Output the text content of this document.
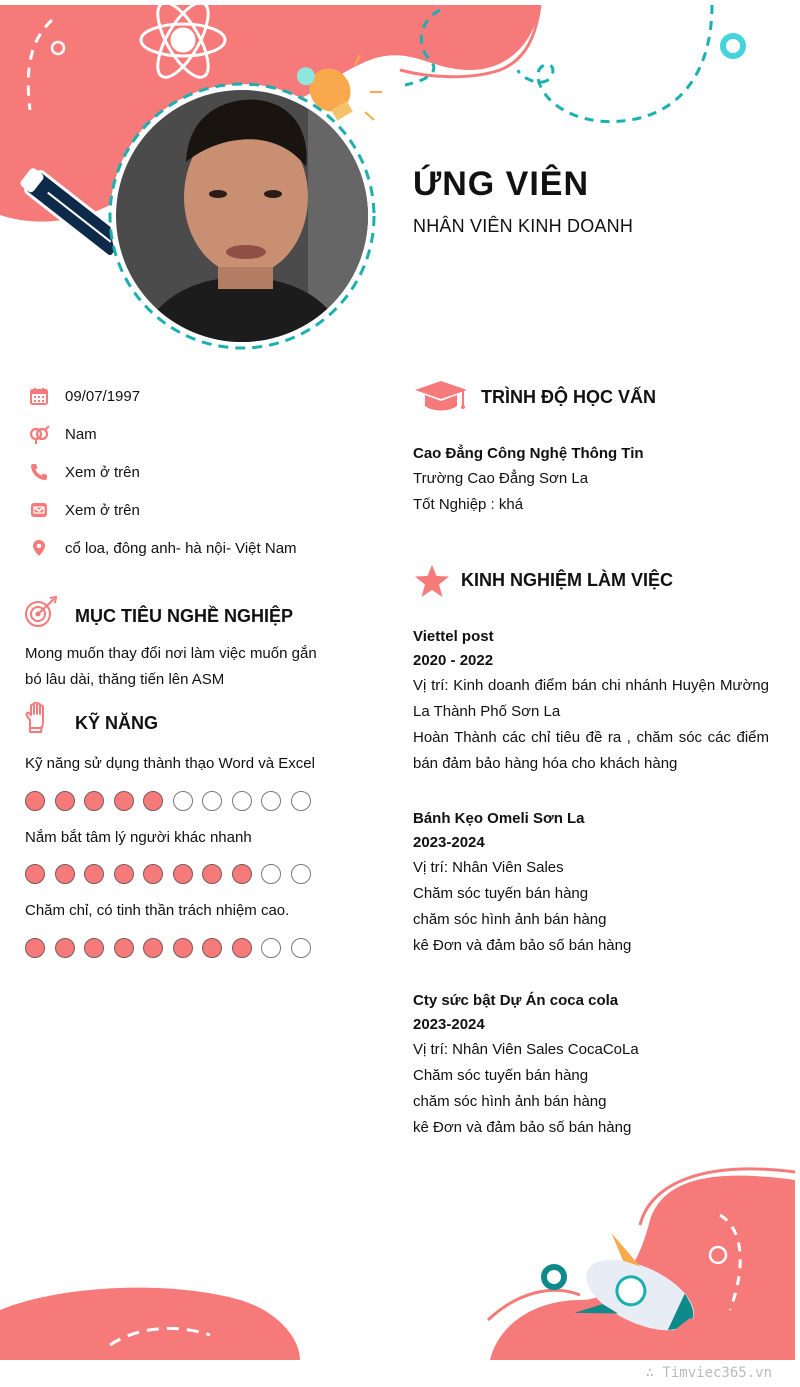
ỨNG VIÊN
NHÂN VIÊN KINH DOANH
09/07/1997
Nam
Xem ở trên
Xem ở trên
cổ loa, đông anh- hà nội- Việt Nam
MỤC TIÊU NGHỀ NGHIỆP
Mong muốn thay đổi nơi làm việc muốn gắn bó lâu dài, thăng tiến lên ASM
KỸ NĂNG
Kỹ năng sử dụng thành thạo Word và Excel
Nắm bắt tâm lý người khác nhanh
Chăm chỉ, có tinh thần trách nhiệm cao.
TRÌNH ĐỘ HỌC VẤN
Cao Đẳng Công Nghệ Thông Tin
Trường Cao Đẳng Sơn La
Tốt Nghiệp : khá
KINH NGHIỆM LÀM VIỆC
Viettel post
2020 - 2022
Vị trí: Kinh doanh điểm bán chi nhánh Huyện Mường La Thành Phố Sơn La
Hoàn Thành các chỉ tiêu đề ra , chăm sóc các điểm bán đảm bảo hàng hóa cho khách hàng
Bánh Kẹo Omeli Sơn La
2023-2024
Vị trí: Nhân Viên Sales
Chăm sóc tuyến bán hàng
chăm sóc hình ảnh bán hàng
kê Đơn và đảm bảo số bán hàng
Cty sức bật Dự Án coca cola
2023-2024
Vị trí: Nhân Viên Sales CocaCoLa
Chăm sóc tuyến bán hàng
chăm sóc hình ảnh bán hàng
kê Đơn và đảm bảo số bán hàng
∴ Timviec365.vn
